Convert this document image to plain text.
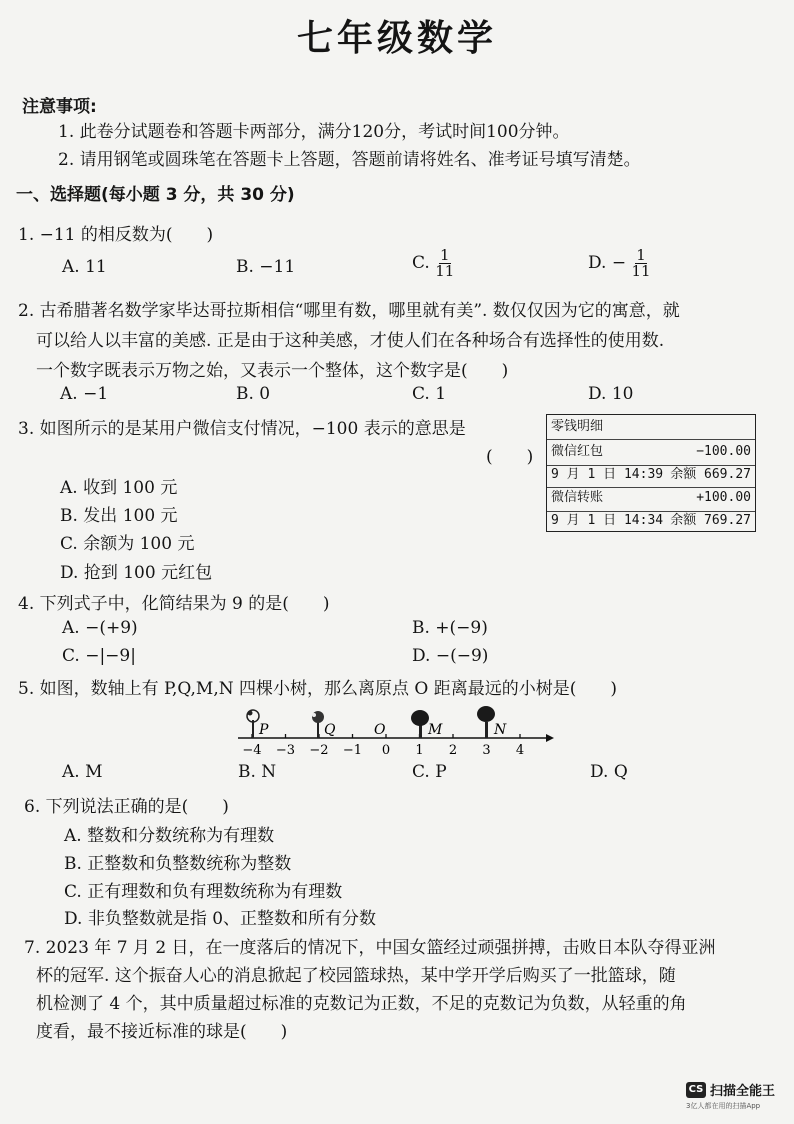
七年级数学
注意事项:
1. 此卷分试题卷和答题卡两部分，满分120分，考试时间100分钟。
2. 请用钢笔或圆珠笔在答题卡上答题，答题前请将姓名、准考证号填写清楚。
一、选择题(每小题 3 分，共 30 分)
1. −11 的相反数为(　　)
A. 11	B. −11	C. $\frac{1}{11}$	D. − $\frac{1}{11}$
2. 古希腊著名数学家毕达哥拉斯相信“哪里有数，哪里就有美”. 数仅仅因为它的寓意，就
可以给人以丰富的美感. 正是由于这种美感，才使人们在各种场合有选择性的使用数.
一个数字既表示万物之始，又表示一个整体，这个数字是(　　)
A. −1	B. 0	C. 1	D. 10
3. 如图所示的是某用户微信支付情况，−100 表示的意思是
(　　)
A. 收到 100 元
B. 发出 100 元
C. 余额为 100 元
D. 抢到 100 元红包
零钱明细
微信红包	−100.00
9 月 1 日 14:39 余额 669.27
微信转账	+100.00
9 月 1 日 14:34 余额 769.27
4. 下列式子中，化简结果为 9 的是(　　)
A. −(+9)	B. +(−9)
C. −|−9|	D. −(−9)
5. 如图，数轴上有 P,Q,M,N 四棵小树，那么离原点 O 距离最远的小树是(　　)
−4 −3 −2 −1 0 1 2 3 4
P	Q	O	M	N
A. M	B. N	C. P	D. Q
6. 下列说法正确的是(　　)
A. 整数和分数统称为有理数
B. 正整数和负整数统称为整数
C. 正有理数和负有理数统称为有理数
D. 非负整数就是指 0、正整数和所有分数
7. 2023 年 7 月 2 日，在一度落后的情况下，中国女篮经过顽强拼搏，击败日本队夺得亚洲
杯的冠军. 这个振奋人心的消息掀起了校园篮球热，某中学开学后购买了一批篮球，随
机检测了 4 个，其中质量超过标准的克数记为正数，不足的克数记为负数，从轻重的角
度看，最不接近标准的球是(　　)
CS 扫描全能王
3亿人都在用的扫描App
